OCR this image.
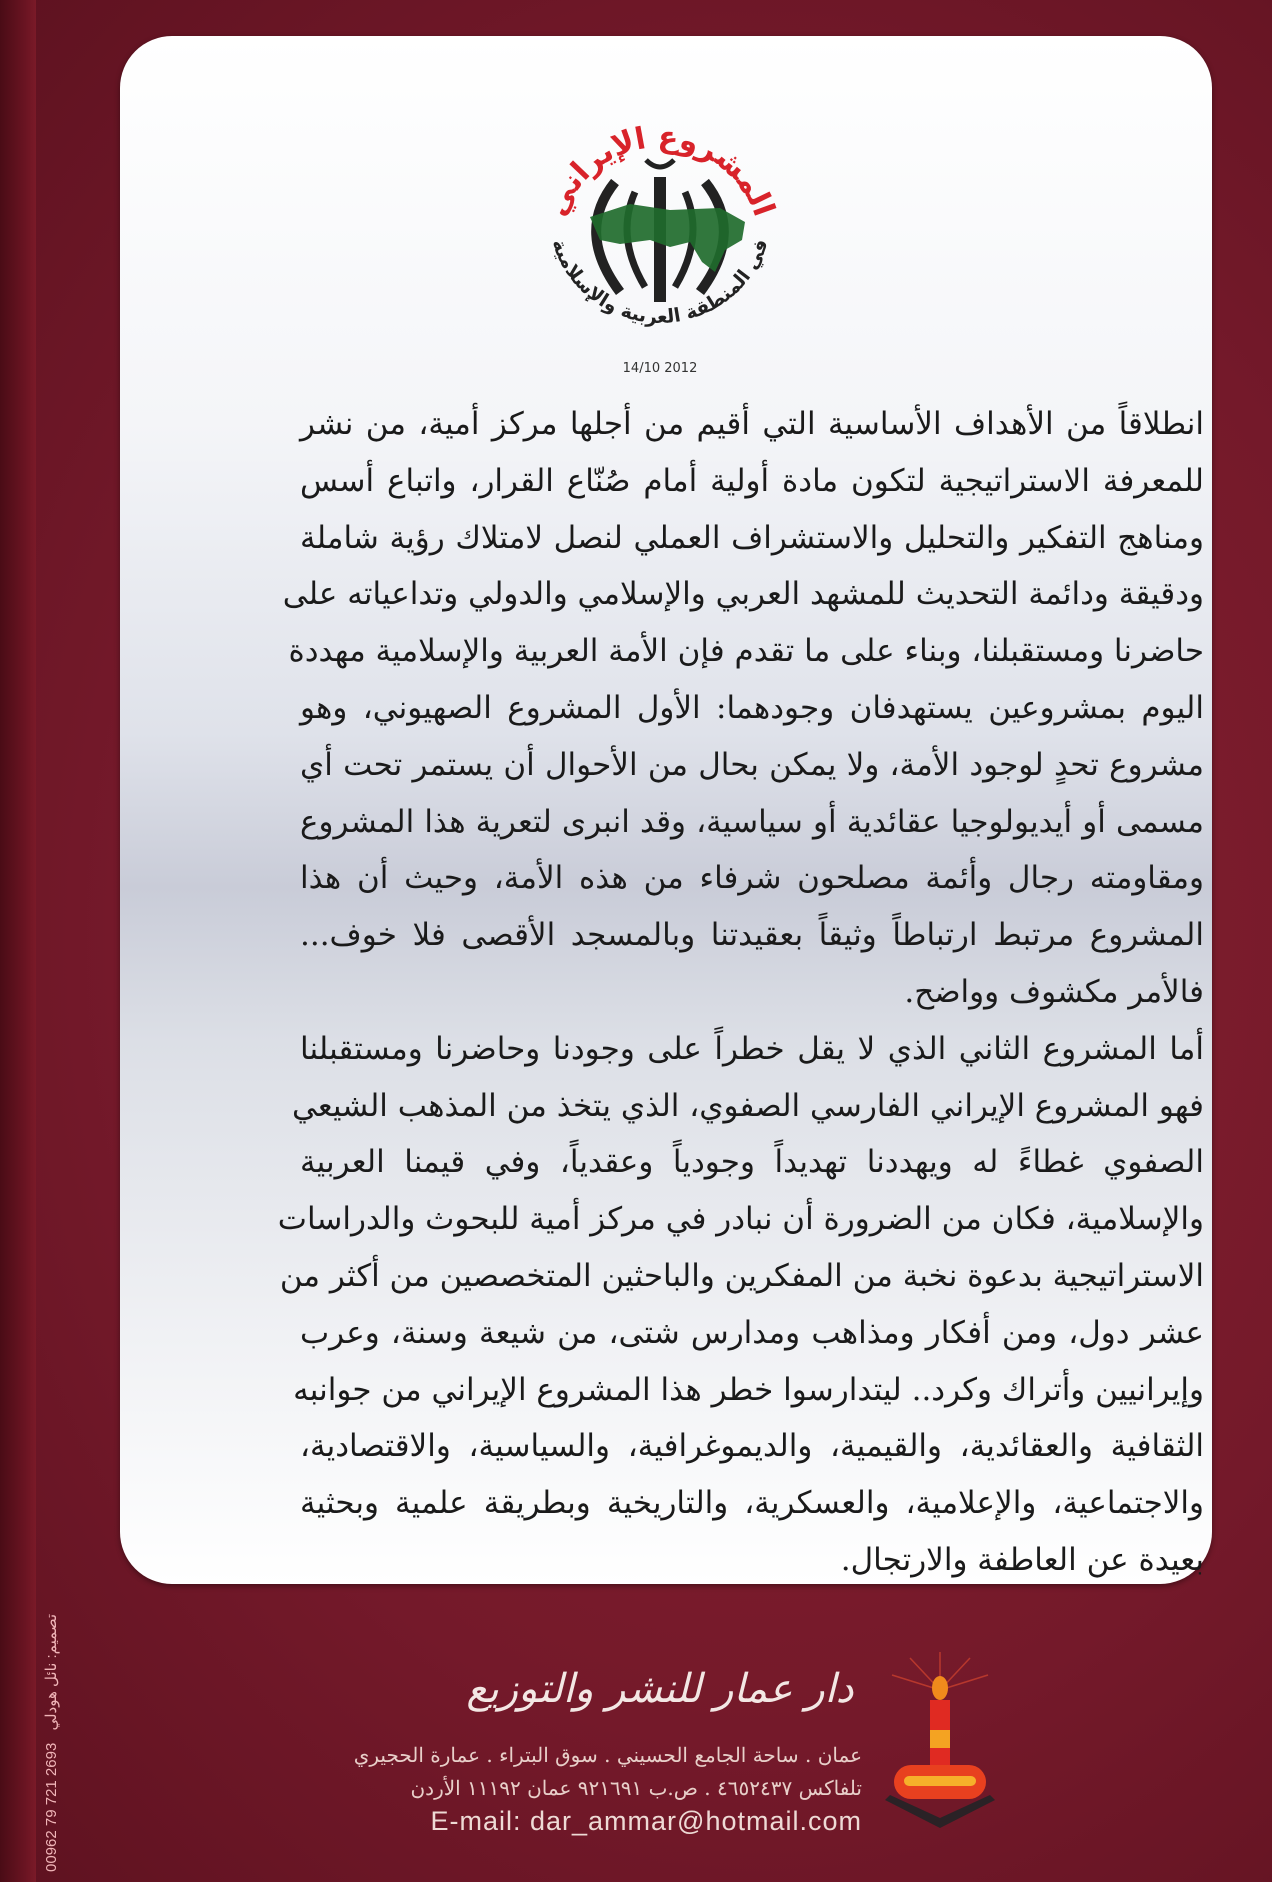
المشروع الإيراني
في المنطقة العربية والإسلامية
14/10 2012
انطلاقاً من الأهداف الأساسية التي أقيم من أجلها مركز أمية، من نشر
للمعرفة الاستراتيجية لتكون مادة أولية أمام صُنّاع القرار، واتباع أسس
ومناهج التفكير والتحليل والاستشراف العملي لنصل لامتلاك رؤية شاملة
ودقيقة ودائمة التحديث للمشهد العربي والإسلامي والدولي وتداعياته على
حاضرنا ومستقبلنا، وبناء على ما تقدم فإن الأمة العربية والإسلامية مهددة
اليوم بمشروعين يستهدفان وجودهما: الأول المشروع الصهيوني، وهو
مشروع تحدٍ لوجود الأمة، ولا يمكن بحال من الأحوال أن يستمر تحت أي
مسمى أو أيديولوجيا عقائدية أو سياسية، وقد انبرى لتعرية هذا المشروع
ومقاومته رجال وأئمة مصلحون شرفاء من هذه الأمة، وحيث أن هذا
المشروع مرتبط ارتباطاً وثيقاً بعقيدتنا وبالمسجد الأقصى فلا خوف...
فالأمر مكشوف وواضح.
أما المشروع الثاني الذي لا يقل خطراً على وجودنا وحاضرنا ومستقبلنا
فهو المشروع الإيراني الفارسي الصفوي، الذي يتخذ من المذهب الشيعي
الصفوي غطاءً له ويهددنا تهديداً وجودياً وعقدياً، وفي قيمنا العربية
والإسلامية، فكان من الضرورة أن نبادر في مركز أمية للبحوث والدراسات
الاستراتيجية بدعوة نخبة من المفكرين والباحثين المتخصصين من أكثر من
عشر دول، ومن أفكار ومذاهب ومدارس شتى، من شيعة وسنة، وعرب
وإيرانيين وأتراك وكرد.. ليتدارسوا خطر هذا المشروع الإيراني من جوانبه
الثقافية والعقائدية، والقيمية، والديموغرافية، والسياسية، والاقتصادية،
والاجتماعية، والإعلامية، والعسكرية، والتاريخية وبطريقة علمية وبحثية
بعيدة عن العاطفة والارتجال.
دار عمار للنشر والتوزيع
عمان . ساحة الجامع الحسيني . سوق البتراء . عمارة الحجيري
تلفاكس ٤٦٥٢٤٣٧ . ص.ب ٩٢١٦٩١ عمان ١١١٩٢ الأردن
E-mail: dar_ammar@hotmail.com
00962 79 721 2693 تصميم: نائل هودلي
